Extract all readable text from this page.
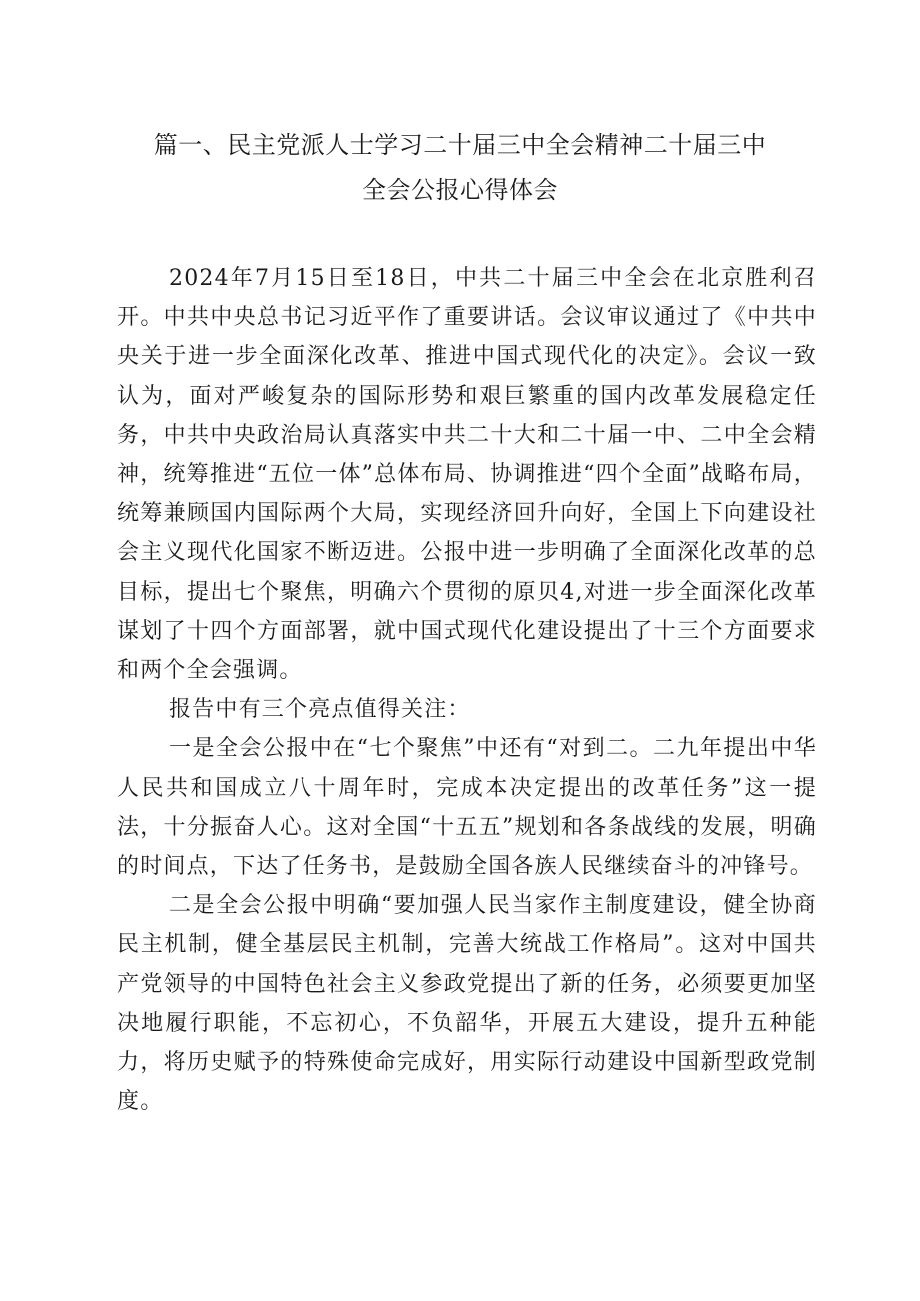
篇一、民主党派人士学习二十届三中全会精神二十届三中
全会公报心得体会

2024年7月15日至18日，中共二十届三中全会在北京胜利召开。中共中央总书记习近平作了重要讲话。会议审议通过了《中共中央关于进一步全面深化改革、推进中国式现代化的决定》。会议一致认为，面对严峻复杂的国际形势和艰巨繁重的国内改革发展稳定任务，中共中央政治局认真落实中共二十大和二十届一中、二中全会精神，统筹推进“五位一体”总体布局、协调推进“四个全面”战略布局，统筹兼顾国内国际两个大局，实现经济回升向好，全国上下向建设社会主义现代化国家不断迈进。公报中进一步明确了全面深化改革的总目标，提出七个聚焦，明确六个贯彻的原贝4,对进一步全面深化改革谋划了十四个方面部署，就中国式现代化建设提出了十三个方面要求和两个全会强调。

报告中有三个亮点值得关注：

一是全会公报中在“七个聚焦”中还有“对到二。二九年提出中华人民共和国成立八十周年时，完成本决定提出的改革任务”这一提法，十分振奋人心。这对全国“十五五”规划和各条战线的发展，明确的时间点，下达了任务书，是鼓励全国各族人民继续奋斗的冲锋号。

二是全会公报中明确“要加强人民当家作主制度建设，健全协商民主机制，健全基层民主机制，完善大统战工作格局”。这对中国共产党领导的中国特色社会主义参政党提出了新的任务，必须要更加坚决地履行职能，不忘初心，不负韶华，开展五大建设，提升五种能力，将历史赋予的特殊使命完成好，用实际行动建设中国新型政党制度。
